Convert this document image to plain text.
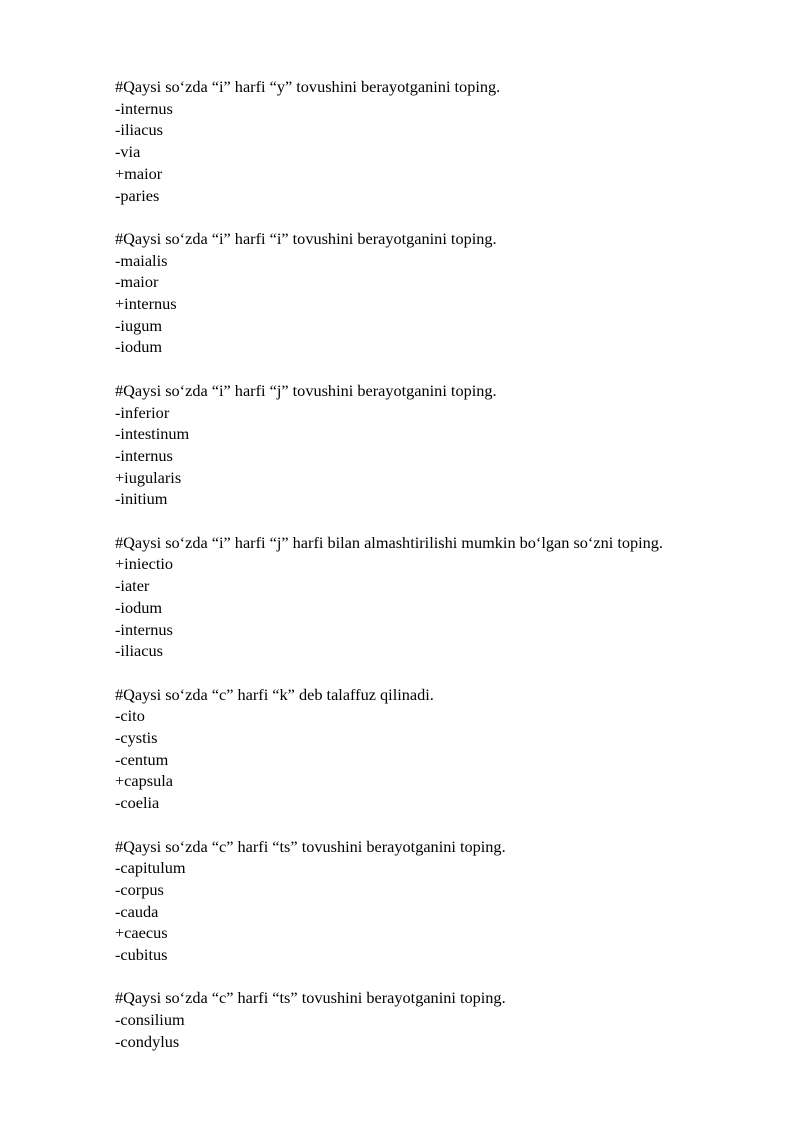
#Qaysi so‘zda “i” harfi “y” tovushini berayotganini toping.
-internus
-iliacus
-via
+maior
-paries
#Qaysi so‘zda “i” harfi “i” tovushini berayotganini toping.
-maialis
-maior
+internus
-iugum
-iodum
#Qaysi so‘zda “i” harfi “j” tovushini berayotganini toping.
-inferior
-intestinum
-internus
+iugularis
-initium
#Qaysi so‘zda “i” harfi “j” harfi bilan almashtirilishi mumkin bo‘lgan so‘zni toping.
+iniectio
-iater
-iodum
-internus
-iliacus
#Qaysi so‘zda “c” harfi “k” deb talaffuz qilinadi.
-cito
-cystis
-centum
+capsula
-coelia
#Qaysi so‘zda “c” harfi “ts” tovushini berayotganini toping.
-capitulum
-corpus
-cauda
+caecus
-cubitus
#Qaysi so‘zda “c” harfi “ts” tovushini berayotganini toping.
-consilium
-condylus
